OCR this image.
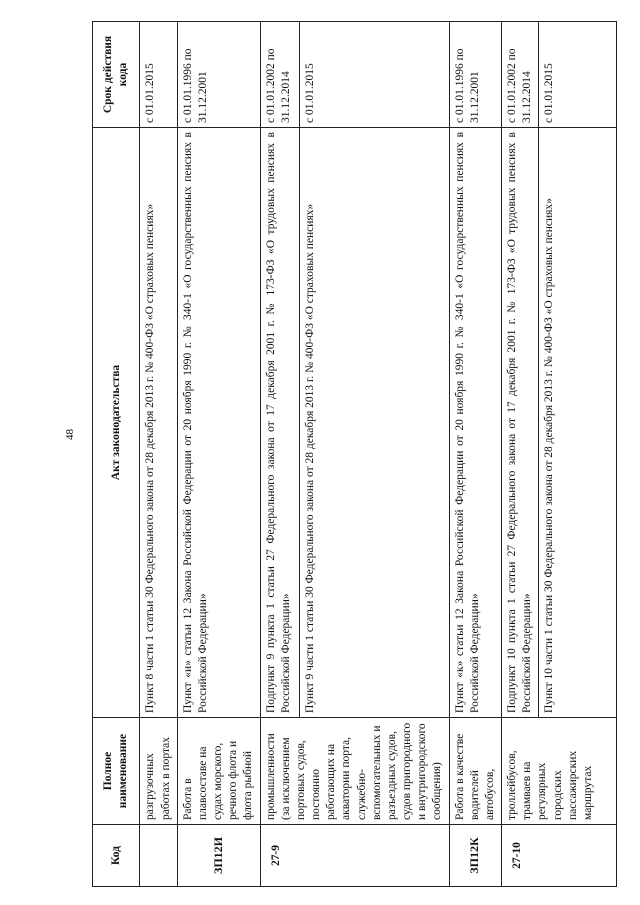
48
Код	Полное наименование	Акт законодательства	Срок действия кода
	разгрузочных работах в портах	Пункт 8 части 1 статьи 30 Федерального закона от 28 декабря 2013 г. № 400-ФЗ «О страховых пенсиях»	с 01.01.2015
ЗП12И	Работа в плавсоставе на судах морского, речного флота и флота рыбной	Пункт «и» статьи 12 Закона Российской Федерации от 20 ноября 1990 г. № 340-1 «О государственных пенсиях в Российской Федерации»	с 01.01.1996 по 31.12.2001
27-9	промышленности (за исключением портовых судов, постоянно работающих на акватории порта, служебно-вспомогательных и разъездных судов, судов пригородного и внутригородского сообщения)	Подпункт 9 пункта 1 статьи 27 Федерального закона от 17 декабря 2001 г. № 173-ФЗ «О трудовых пенсиях в Российской Федерации»	с 01.01.2002 по 31.12.2014
		Пункт 9 части 1 статьи 30 Федерального закона от 28 декабря 2013 г. № 400-ФЗ «О страховых пенсиях»	с 01.01.2015
ЗП12К	Работа в качестве водителей автобусов,	Пункт «к» статьи 12 Закона Российской Федерации от 20 ноября 1990 г. № 340-1 «О государственных пенсиях в Российской Федерации»	с 01.01.1996 по 31.12.2001
27-10	троллейбусов, трамваев на регулярных городских пассажирских маршрутах	Подпункт 10 пункта 1 статьи 27 Федерального закона от 17 декабря 2001 г. № 173-ФЗ «О трудовых пенсиях в Российской Федерации»	с 01.01.2002 по 31.12.2014
		Пункт 10 части 1 статьи 30 Федерального закона от 28 декабря 2013 г. № 400-ФЗ «О страховых пенсиях»	с 01.01.2015
